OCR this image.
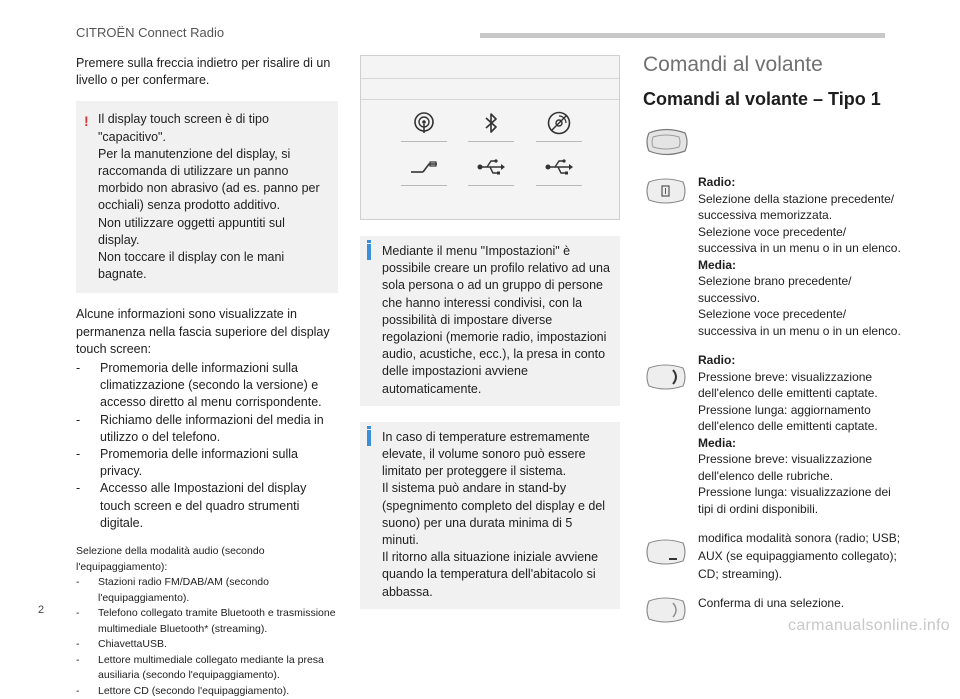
CITROËN Connect Radio

Premere sulla freccia indietro per risalire di un livello o per confermare.

! Il display touch screen è di tipo "capacitivo".
Per la manutenzione del display, si raccomanda di utilizzare un panno morbido non abrasivo (ad es. panno per occhiali) senza prodotto additivo.
Non utilizzare oggetti appuntiti sul display.
Non toccare il display con le mani bagnate.

Alcune informazioni sono visualizzate in permanenza nella fascia superiore del display touch screen:

- Promemoria delle informazioni sulla climatizzazione (secondo la versione) e accesso diretto al menu corrispondente.
- Richiamo delle informazioni del media in utilizzo o del telefono.
- Promemoria delle informazioni sulla privacy.
- Accesso alle Impostazioni del display touch screen e del quadro strumenti digitale.

Selezione della modalità audio (secondo l'equipaggiamento):

- Stazioni radio FM/DAB/AM (secondo l'equipaggiamento).
- Telefono collegato tramite Bluetooth e trasmissione multimediale Bluetooth* (streaming).
- ChiavettaUSB.
- Lettore multimediale collegato mediante la presa ausiliaria (secondo l'equipaggiamento).
- Lettore CD (secondo l'equipaggiamento).

Mediante il menu "Impostazioni" è possibile creare un profilo relativo ad una sola persona o ad un gruppo di persone che hanno interessi condivisi, con la possibilità di impostare diverse regolazioni (memorie radio, impostazioni audio, acustiche, ecc.), la presa in conto delle impostazioni avviene automaticamente.

In caso di temperature estremamente elevate, il volume sonoro può essere limitato per proteggere il sistema.

Il sistema può andare in stand-by (spegnimento completo del display e del suono) per una durata minima di 5 minuti.

Il ritorno alla situazione iniziale avviene quando la temperatura dell'abitacolo si abbassa.

Comandi al volante
Comandi al volante – Tipo 1
Radio:
Selezione della stazione precedente/ successiva memorizzata.
Selezione voce precedente/ successiva in un menu o in un elenco.
Media:
Selezione brano precedente/ successivo.
Selezione voce precedente/ successiva in un menu o in un elenco.
Radio:
Pressione breve: visualizzazione dell'elenco delle emittenti captate.
Pressione lunga: aggiornamento dell'elenco delle emittenti captate.
Media:
Pressione breve: visualizzazione dell'elenco delle rubriche.
Pressione lunga: visualizzazione dei tipi di ordini disponibili.
modifica modalità sonora (radio; USB; AUX (se equipaggiamento collegato); CD; streaming).
Conferma di una selezione.
2
carmanualsonline.info
